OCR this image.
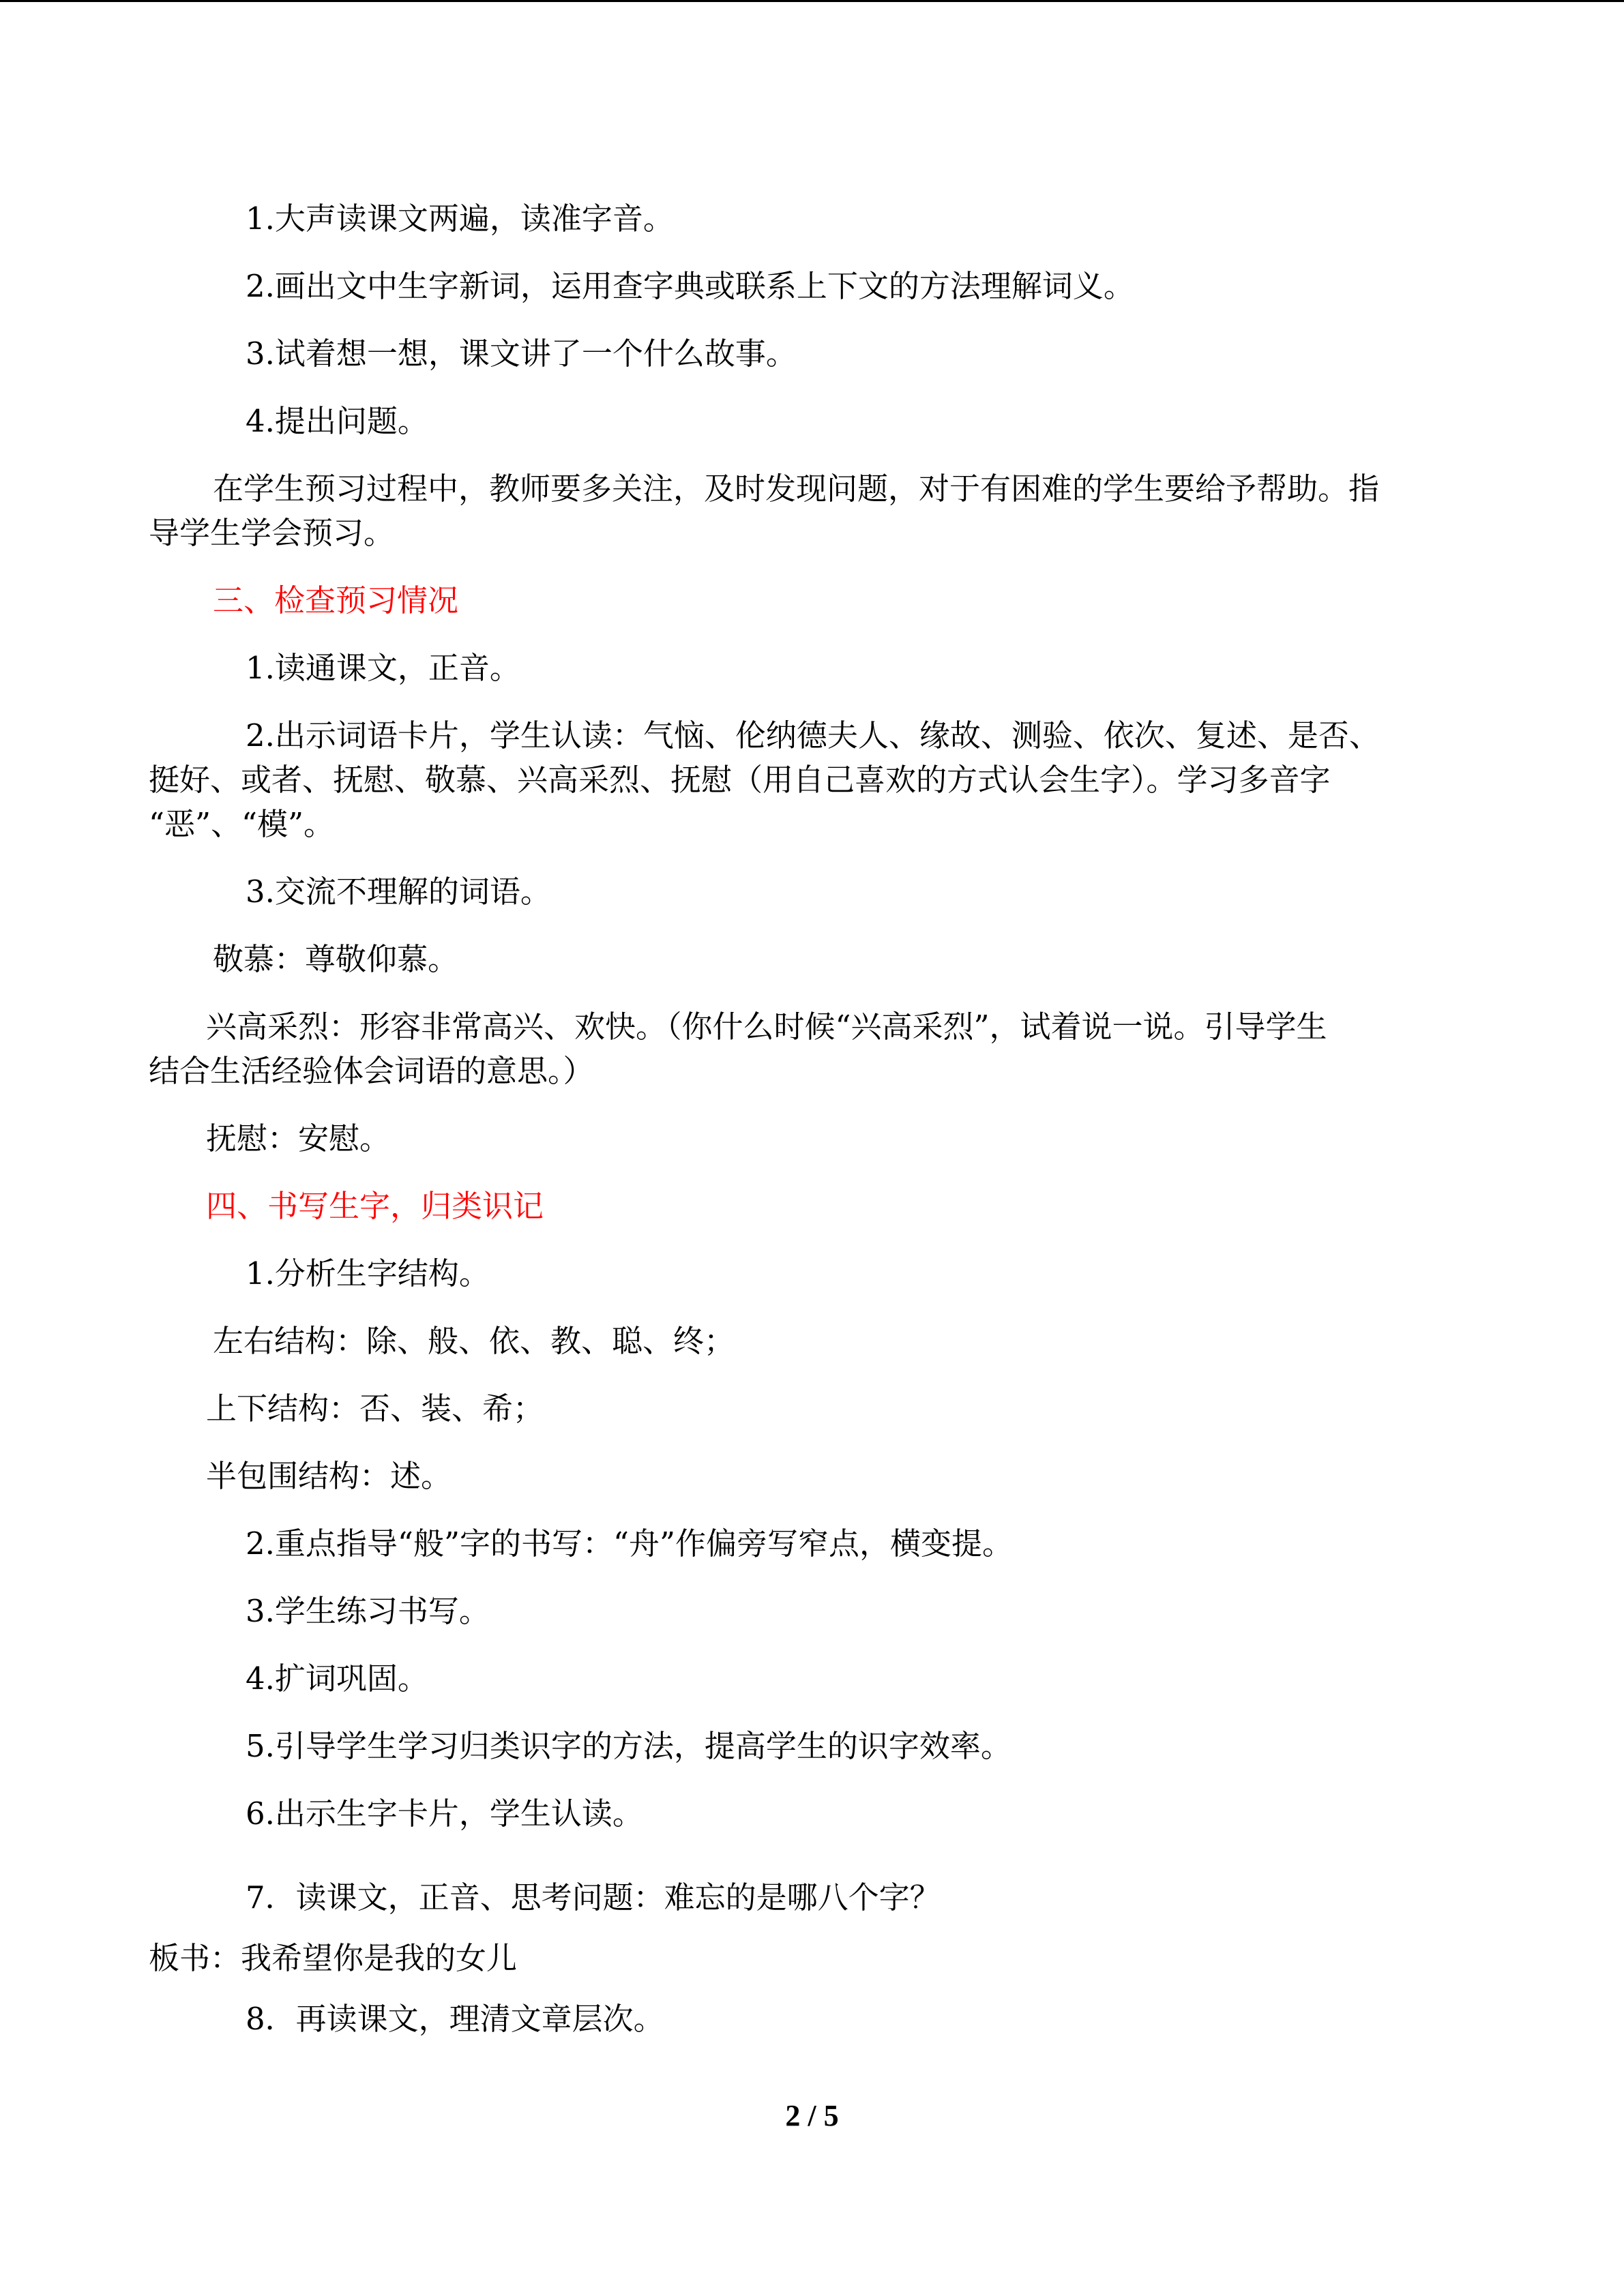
1.大声读课文两遍，读准字音。

2.画出文中生字新词，运用查字典或联系上下文的方法理解词义。

3.试着想一想，课文讲了一个什么故事。

4.提出问题。

在学生预习过程中，教师要多关注，及时发现问题，对于有困难的学生要给予帮助。指

导学生学会预习。

三、检查预习情况

1.读通课文，正音。

2.出示词语卡片，学生认读：气恼、伦纳德夫人、缘故、测验、依次、复述、是否、

挺好、或者、抚慰、敬慕、兴高采烈、抚慰（用自己喜欢的方式认会生字）。学习多音字

“恶”、“模”。

3.交流不理解的词语。

敬慕：尊敬仰慕。

兴高采烈：形容非常高兴、欢快。（你什么时候“兴高采烈”，试着说一说。引导学生

结合生活经验体会词语的意思。）

抚慰：安慰。

四、书写生字，归类识记

1.分析生字结构。

左右结构：除、般、依、教、聪、终；

上下结构：否、装、希；

半包围结构：述。

2.重点指导“般”字的书写：“舟”作偏旁写窄点，横变提。

3.学生练习书写。

4.扩词巩固。

5.引导学生学习归类识字的方法，提高学生的识字效率。

6.出示生字卡片，学生认读。

7．读课文，正音、思考问题：难忘的是哪八个字？

板书：我希望你是我的女儿

8．再读课文，理清文章层次。

2 / 5
